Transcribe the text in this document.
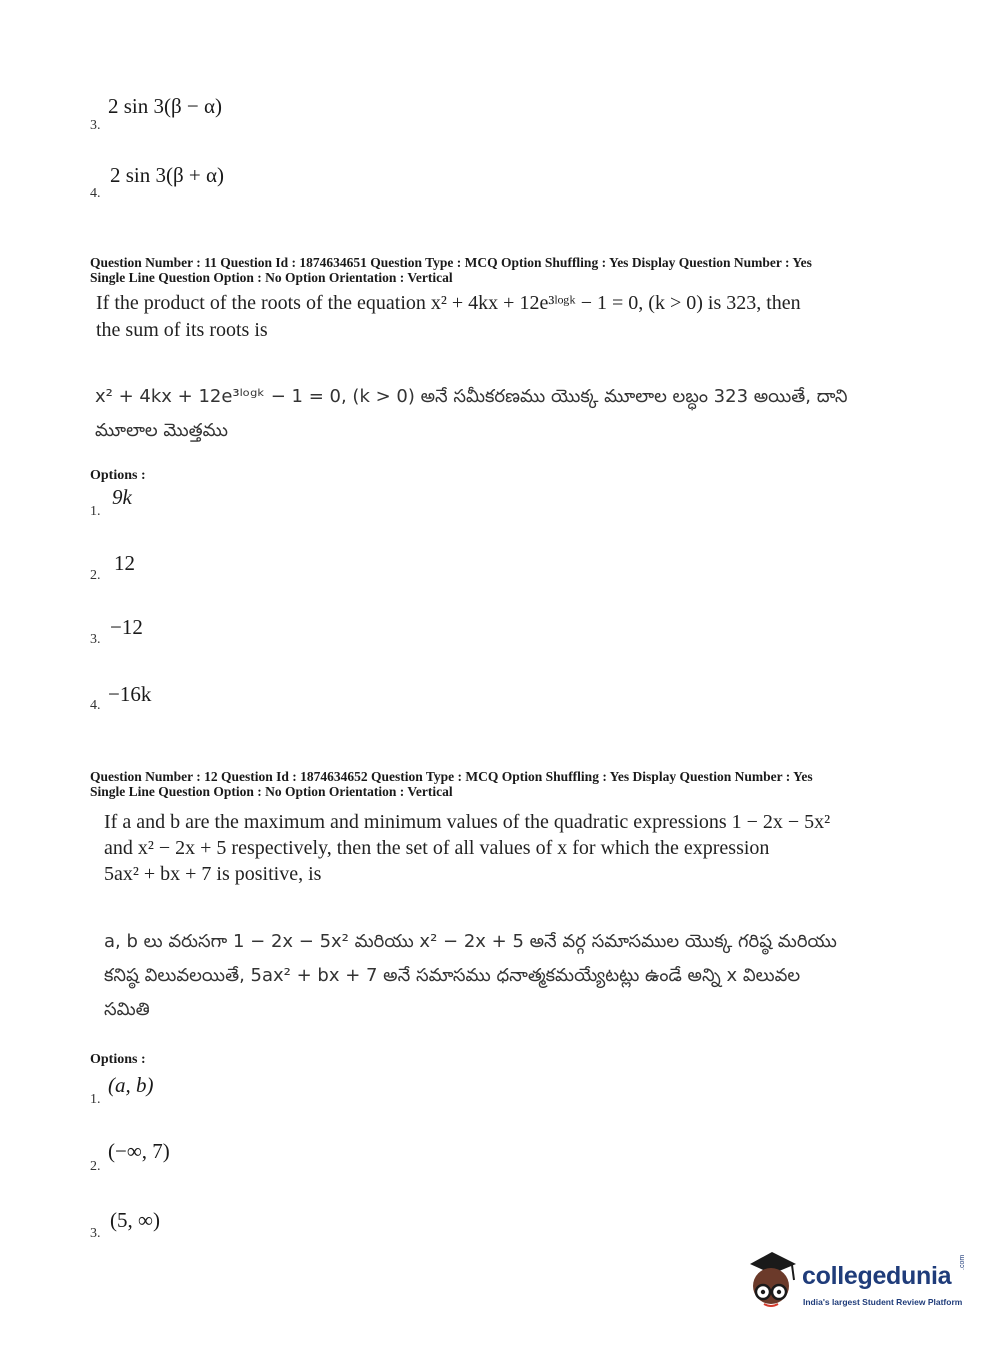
3.
2 sin 3(β − α)
4.
2 sin 3(β + α)
Question Number : 11 Question Id : 1874634651 Question Type : MCQ Option Shuffling : Yes Display Question Number : Yes
Single Line Question Option : No Option Orientation : Vertical
If the product of the roots of the equation x² + 4kx + 12e³ˡᵒᵍᵏ − 1 = 0, (k > 0) is 323, then
the sum of its roots is
x² + 4kx + 12e³ˡᵒᵍᵏ − 1 = 0, (k > 0) అనే సమీకరణము యొక్క మూలాల లబ్ధం 323 అయితే, దాని
మూలాల మొత్తము
Options :
1.
9k
2.
12
3.
−12
4. −16k
Question Number : 12 Question Id : 1874634652 Question Type : MCQ Option Shuffling : Yes Display Question Number : Yes
Single Line Question Option : No Option Orientation : Vertical
If a and b are the maximum and minimum values of the quadratic expressions 1 − 2x − 5x²
and x² − 2x + 5 respectively, then the set of all values of x for which the expression
5ax² + bx + 7 is positive, is
a, b లు వరుసగా 1 − 2x − 5x² మరియు x² − 2x + 5 అనే వర్గ సమాసముల యొక్క గరిష్ఠ మరియు
కనిష్ఠ విలువలయితే, 5ax² + bx + 7 అనే సమాసము ధనాత్మకమయ్యేటట్లు ఉండే అన్ని x విలువల
సమితి
Options :
1.
(a, b)
2.
(−∞, 7)
3.
(5, ∞)
collegedunia .com
India's largest Student Review Platform
